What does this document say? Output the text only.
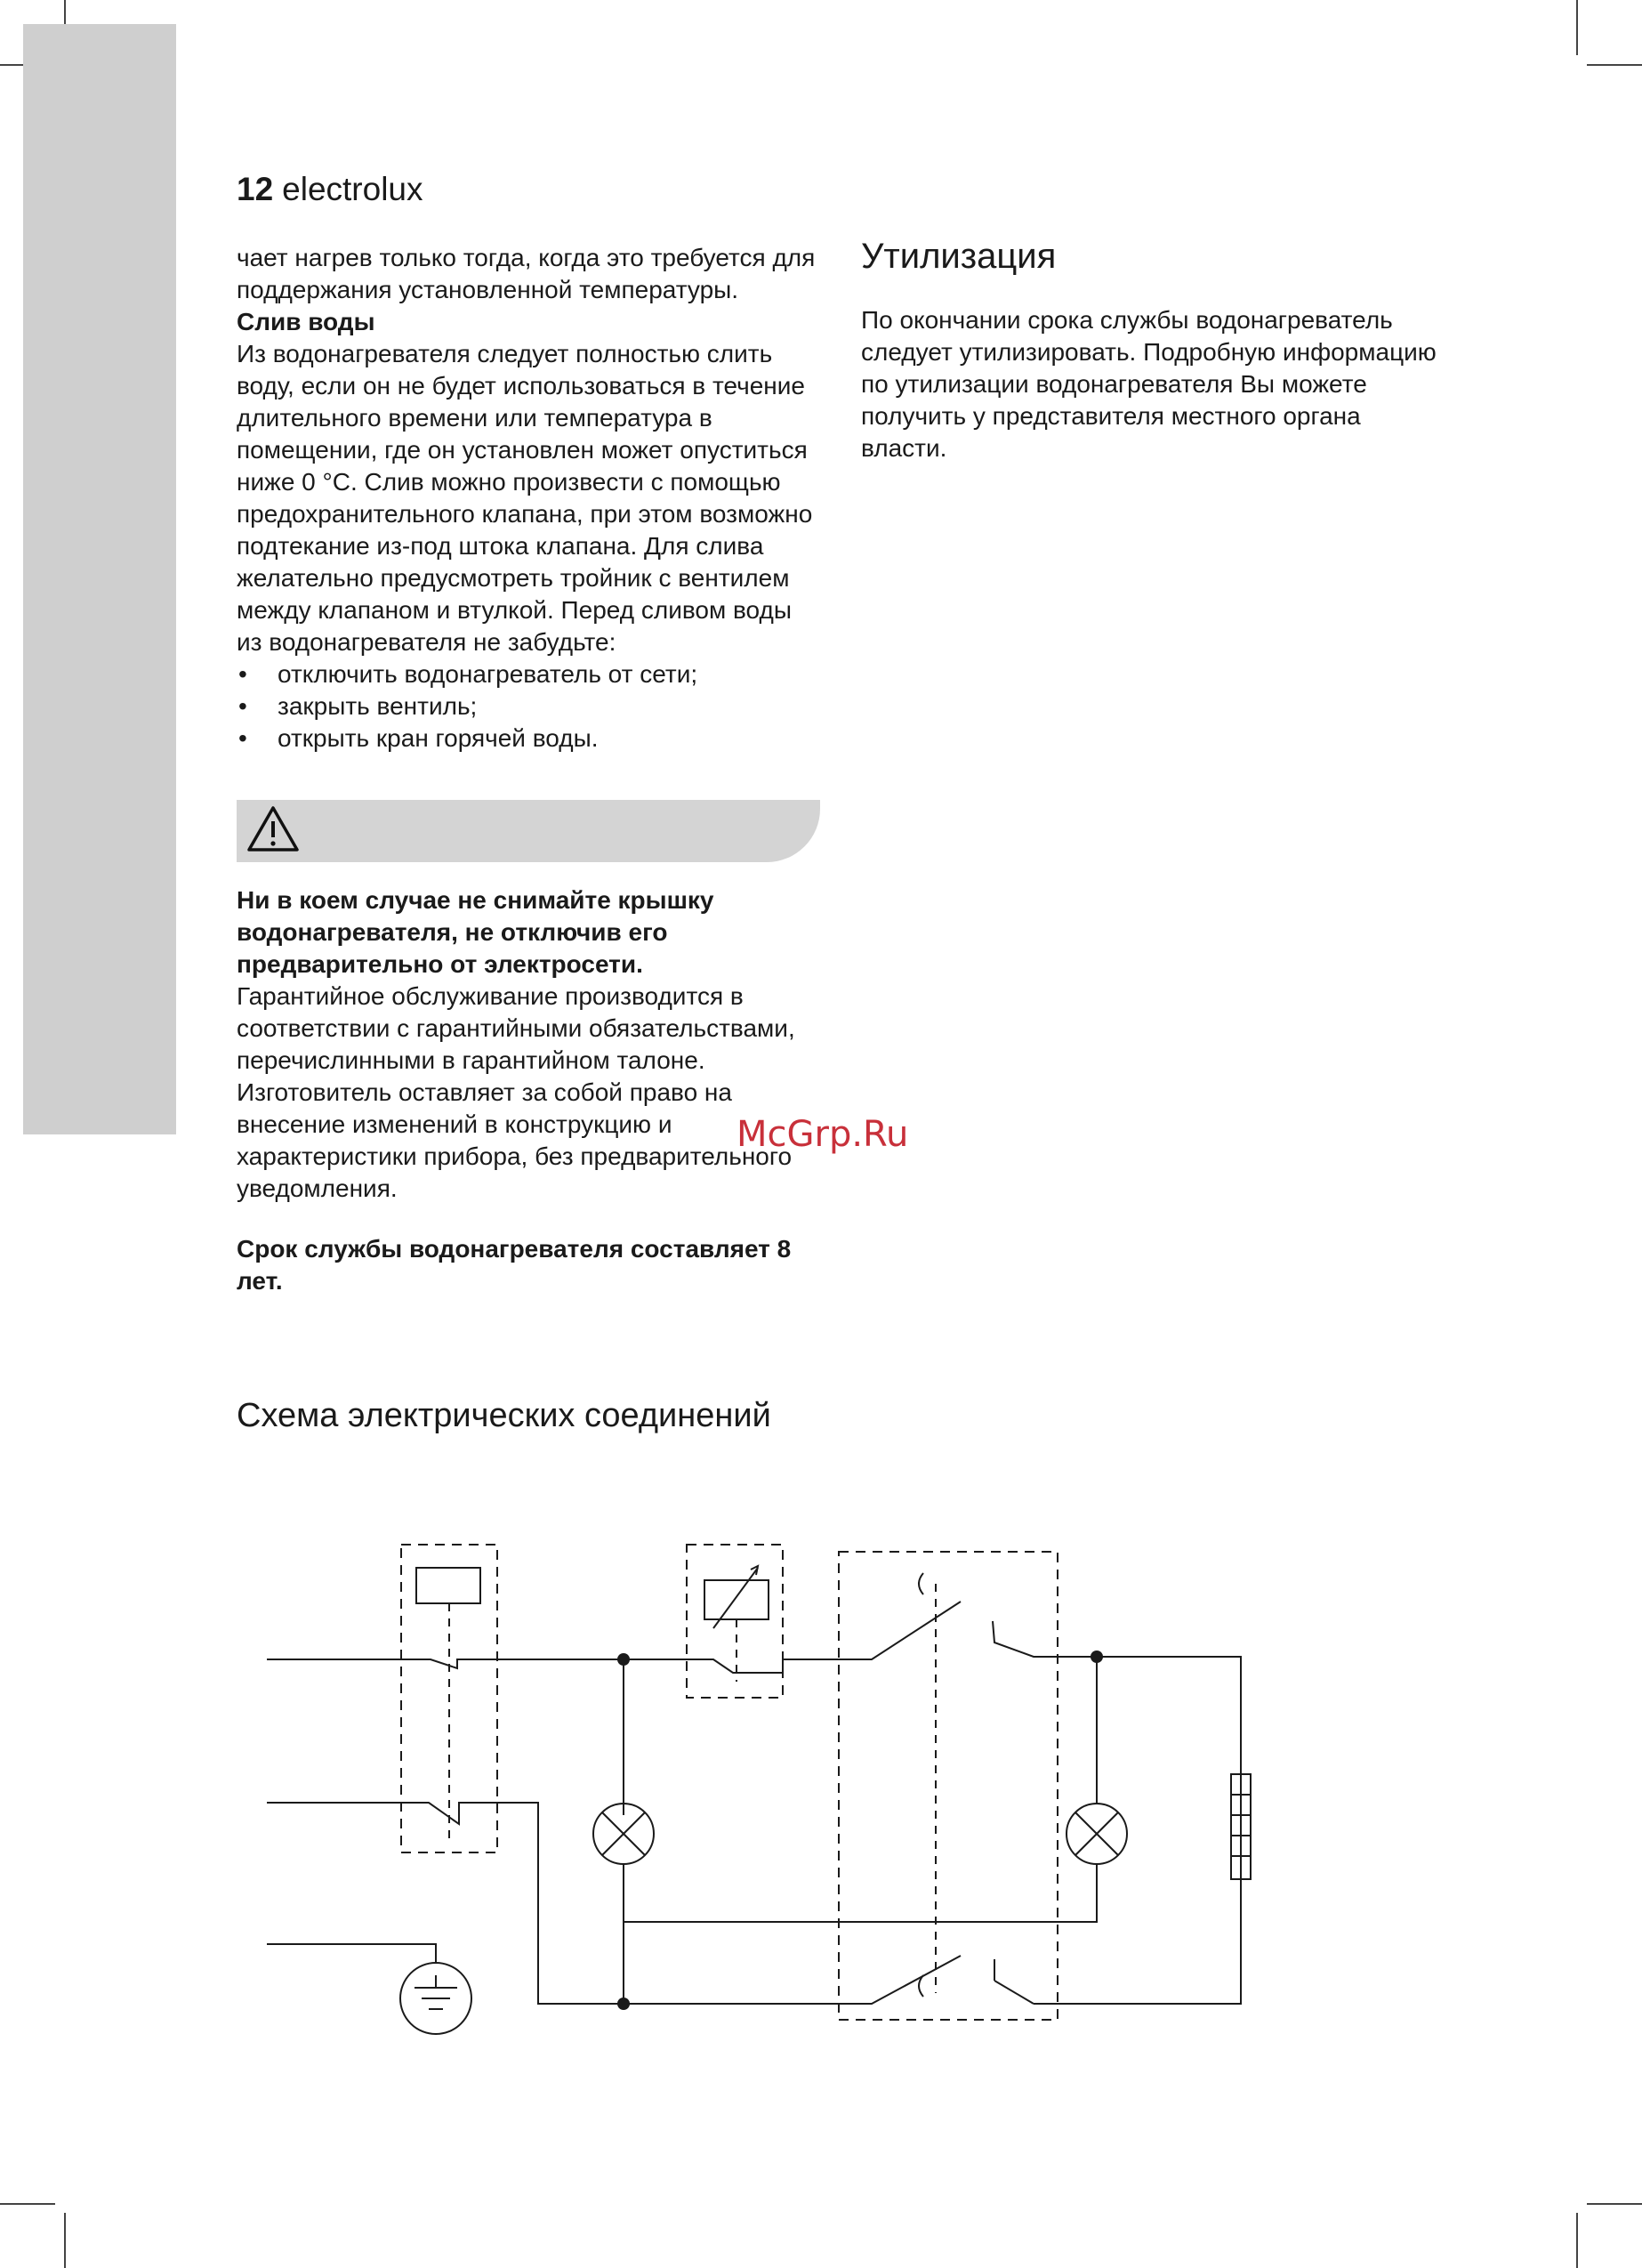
12 electrolux

чает нагрев только тогда, когда это требуется для поддержания установленной температуры.

Слив воды

Из водонагревателя следует полностью слить воду, если он не будет использоваться в течение длительного времени или температура в помещении, где он установлен может опуститься ниже 0 °С. Слив можно произвести с помощью предохранительного клапана, при этом возможно подтекание из-под штока клапана. Для слива желательно предусмотреть тройник с вентилем между клапаном и втулкой. Перед сливом воды из водонагревателя не забудьте:

• отключить водонагреватель от сети;
• закрыть вентиль;
• открыть кран горячей воды.

Ни в коем случае не снимайте крышку водонагревателя, не отключив его предварительно от электросети.

Гарантийное обслуживание производится в соответствии с гарантийными обязательствами, перечислинными в гарантийном талоне. Изготовитель оставляет за собой право на внесение изменений в конструкцию и характеристики прибора, без предварительного уведомления.

Срок службы водонагревателя составляет 8 лет.
Утилизация

По окончании срока службы водонагреватель следует утилизировать. Подробную информацию по утилизации водонагревателя Вы можете получить у представителя местного органа власти.

Схема электрических соединений
McGrp.Ru
